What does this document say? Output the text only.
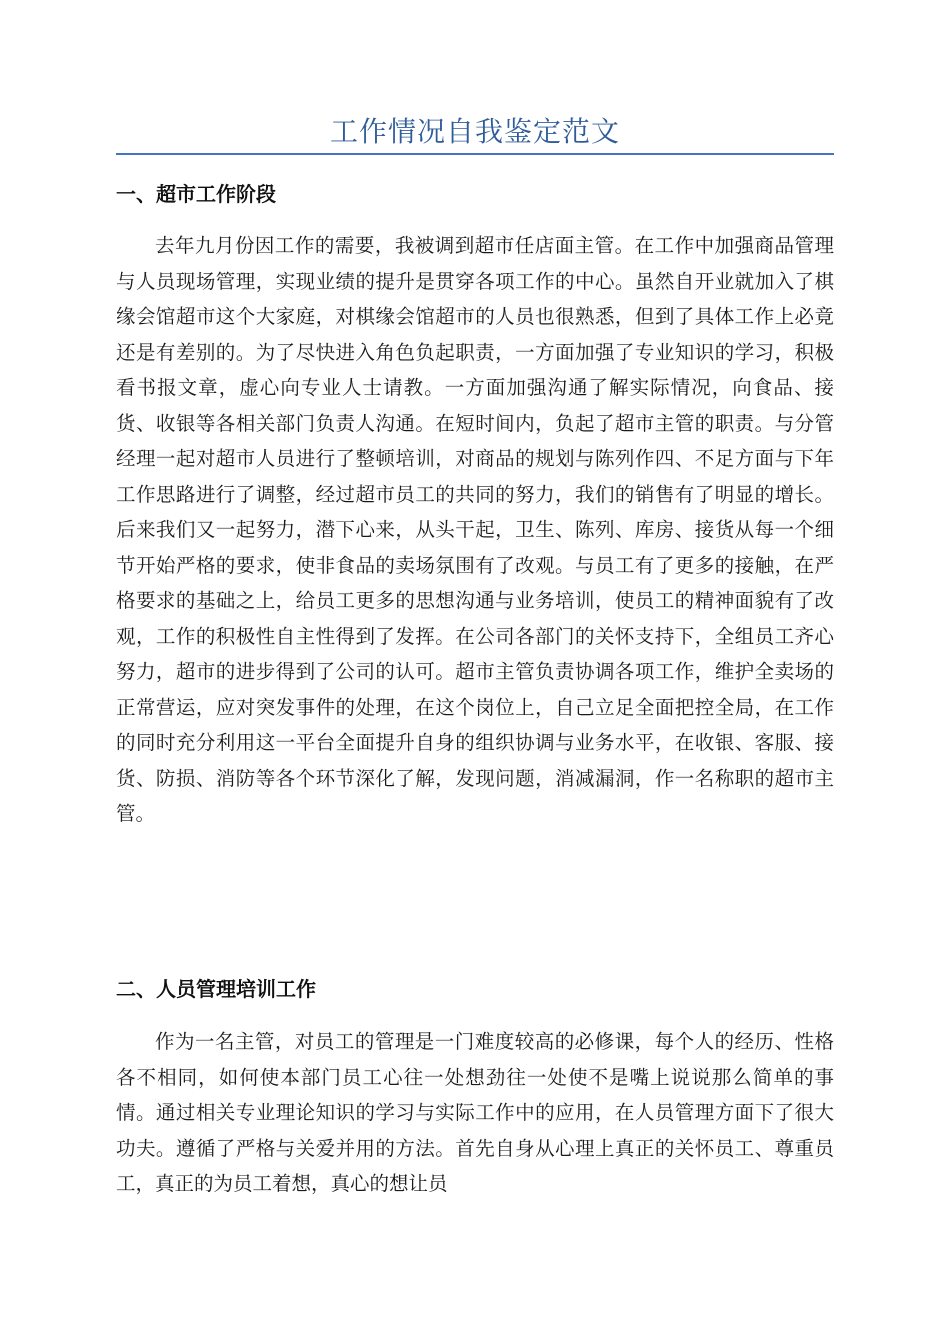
工作情况自我鉴定范文
一、超市工作阶段

去年九月份因工作的需要，我被调到超市任店面主管。在工作中加强商品管理与人员现场管理，实现业绩的提升是贯穿各项工作的中心。虽然自开业就加入了棋缘会馆超市这个大家庭，对棋缘会馆超市的人员也很熟悉，但到了具体工作上必竟还是有差别的。为了尽快进入角色负起职责，一方面加强了专业知识的学习，积极看书报文章，虚心向专业人士请教。一方面加强沟通了解实际情况，向食品、接货、收银等各相关部门负责人沟通。在短时间内，负起了超市主管的职责。与分管经理一起对超市人员进行了整顿培训，对商品的规划与陈列作四、不足方面与下年工作思路进行了调整，经过超市员工的共同的努力，我们的销售有了明显的增长。后来我们又一起努力，潜下心来，从头干起，卫生、陈列、库房、接货从每一个细节开始严格的要求，使非食品的卖场氛围有了改观。与员工有了更多的接触，在严格要求的基础之上，给员工更多的思想沟通与业务培训，使员工的精神面貌有了改观，工作的积极性自主性得到了发挥。在公司各部门的关怀支持下，全组员工齐心努力，超市的进步得到了公司的认可。超市主管负责协调各项工作，维护全卖场的正常营运，应对突发事件的处理，在这个岗位上，自己立足全面把控全局，在工作的同时充分利用这一平台全面提升自身的组织协调与业务水平，在收银、客服、接货、防损、消防等各个环节深化了解，发现问题，消减漏洞，作一名称职的超市主管。

二、人员管理培训工作

作为一名主管，对员工的管理是一门难度较高的必修课，每个人的经历、性格各不相同，如何使本部门员工心往一处想劲往一处使不是嘴上说说那么简单的事情。通过相关专业理论知识的学习与实际工作中的应用，在人员管理方面下了很大功夫。遵循了严格与关爱并用的方法。首先自身从心理上真正的关怀员工、尊重员工，真正的为员工着想，真心的想让员
